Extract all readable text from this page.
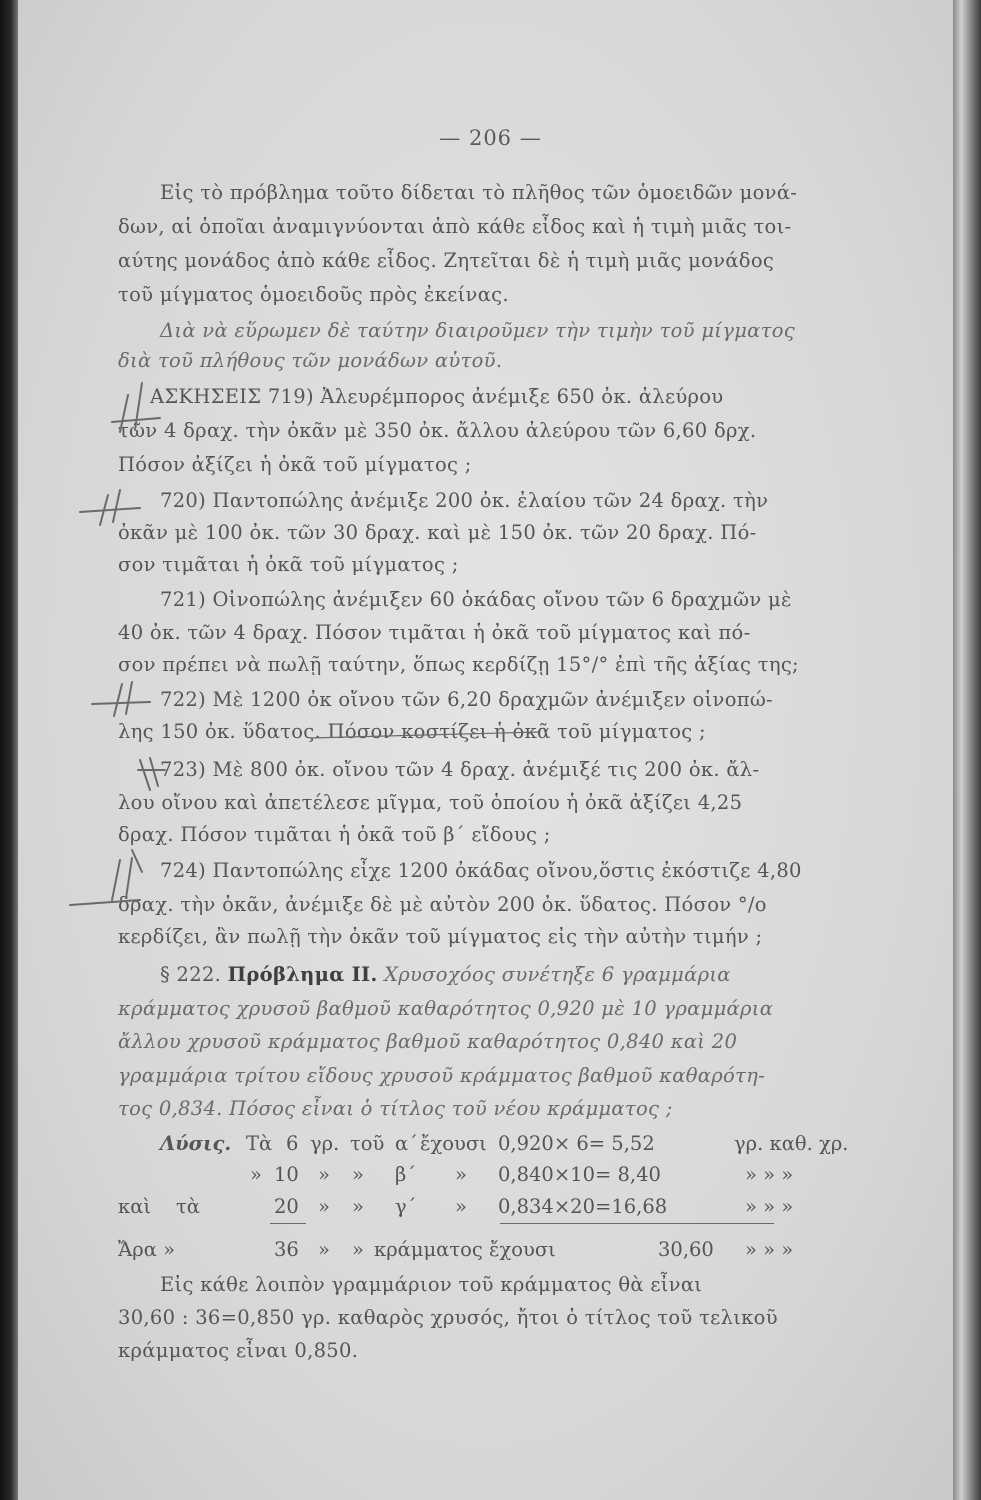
— 206 —
Εἰς τὸ πρόβλημα τοῦτο δίδεται τὸ πλῆθος τῶν ὁμοειδῶν μονά-
δων, αἱ ὁποῖαι ἀναμιγνύονται ἀπὸ κάθε εἶδος καὶ ἡ τιμὴ μιᾶς τοι-
αύτης μονάδος ἀπὸ κάθε εἶδος. Ζητεῖται δὲ ἡ τιμὴ μιᾶς μονάδος
τοῦ μίγματος ὁμοειδοῦς πρὸς ἐκείνας.
Διὰ νὰ εὕρωμεν δὲ ταύτην διαιροῦμεν τὴν τιμὴν τοῦ μίγματος
διὰ τοῦ πλήθους τῶν μονάδων αὐτοῦ.
ΑΣΚΗΣΕΙΣ 719) Ἀλευρέμπορος ἀνέμιξε 650 ὀκ. ἀλεύρου
τῶν 4 δραχ. τὴν ὀκᾶν μὲ 350 ὀκ. ἄλλου ἀλεύρου τῶν 6,60 δρχ.
Πόσον ἀξίζει ἡ ὀκᾶ τοῦ μίγματος ;
720) Παντοπώλης ἀνέμιξε 200 ὀκ. ἐλαίου τῶν 24 δραχ. τὴν
ὀκᾶν μὲ 100 ὀκ. τῶν 30 δραχ. καὶ μὲ 150 ὀκ. τῶν 20 δραχ. Πό-
σον τιμᾶται ἡ ὀκᾶ τοῦ μίγματος ;
721) Οἰνοπώλης ἀνέμιξεν 60 ὀκάδας οἴνου τῶν 6 δραχμῶν μὲ
40 ὀκ. τῶν 4 δραχ. Πόσον τιμᾶται ἡ ὀκᾶ τοῦ μίγματος καὶ πό-
σον πρέπει νὰ πωλῇ ταύτην, ὅπως κερδίζῃ 15°/° ἐπὶ τῆς ἀξίας της;
722) Μὲ 1200 ὀκ οἴνου τῶν 6,20 δραχμῶν ἀνέμιξεν οἰνοπώ-
λης 150 ὀκ. ὕδατος. Πόσον κοστίζει ἡ ὀκᾶ τοῦ μίγματος ;
723) Μὲ 800 ὀκ. οἴνου τῶν 4 δραχ. ἀνέμιξέ τις 200 ὀκ. ἄλ-
λου οἴνου καὶ ἀπετέλεσε μῖγμα, τοῦ ὁποίου ἡ ὀκᾶ ἀξίζει 4,25
δραχ. Πόσον τιμᾶται ἡ ὀκᾶ τοῦ β΄ εἴδους ;
724) Παντοπώλης εἶχε 1200 ὀκάδας οἴνου,ὅστις ἐκόστιζε 4,80
δραχ. τὴν ὀκᾶν, ἀνέμιξε δὲ μὲ αὐτὸν 200 ὀκ. ὕδατος. Πόσον °/o
κερδίζει, ἂν πωλῇ τὴν ὀκᾶν τοῦ μίγματος εἰς τὴν αὐτὴν τιμήν ;
§ 222. Πρόβλημα ΙΙ. Χρυσοχόος συνέτηξε 6 γραμμάρια
κράμματος χρυσοῦ βαθμοῦ καθαρότητος 0,920 μὲ 10 γραμμάρια
ἄλλου χρυσοῦ κράμματος βαθμοῦ καθαρότητος 0,840 καὶ 20
γραμμάρια τρίτου εἴδους χρυσοῦ κράμματος βαθμοῦ καθαρότη-
τος 0,834. Πόσος εἶναι ὁ τίτλος τοῦ νέου κράμματος ;
Λύσις. Τὰ 6 γρ. τοῦ α΄ ἔχουσι 0,920× 6= 5,52	γρ. καθ. χρ.
» 10 » » β΄ » 0,840×10= 8,40	» » »
καὶ τὰ	20 » » γ΄ » 0,834×20=16,68	» » »
Ἄρα »	36 » » κράμματος ἔχουσι	30,60 » » »
Εἰς κάθε λοιπὸν γραμμάριον τοῦ κράμματος θὰ εἶναι
30,60 : 36=0,850 γρ. καθαρὸς χρυσός, ἤτοι ὁ τίτλος τοῦ τελικοῦ
κράμματος εἶναι 0,850.
